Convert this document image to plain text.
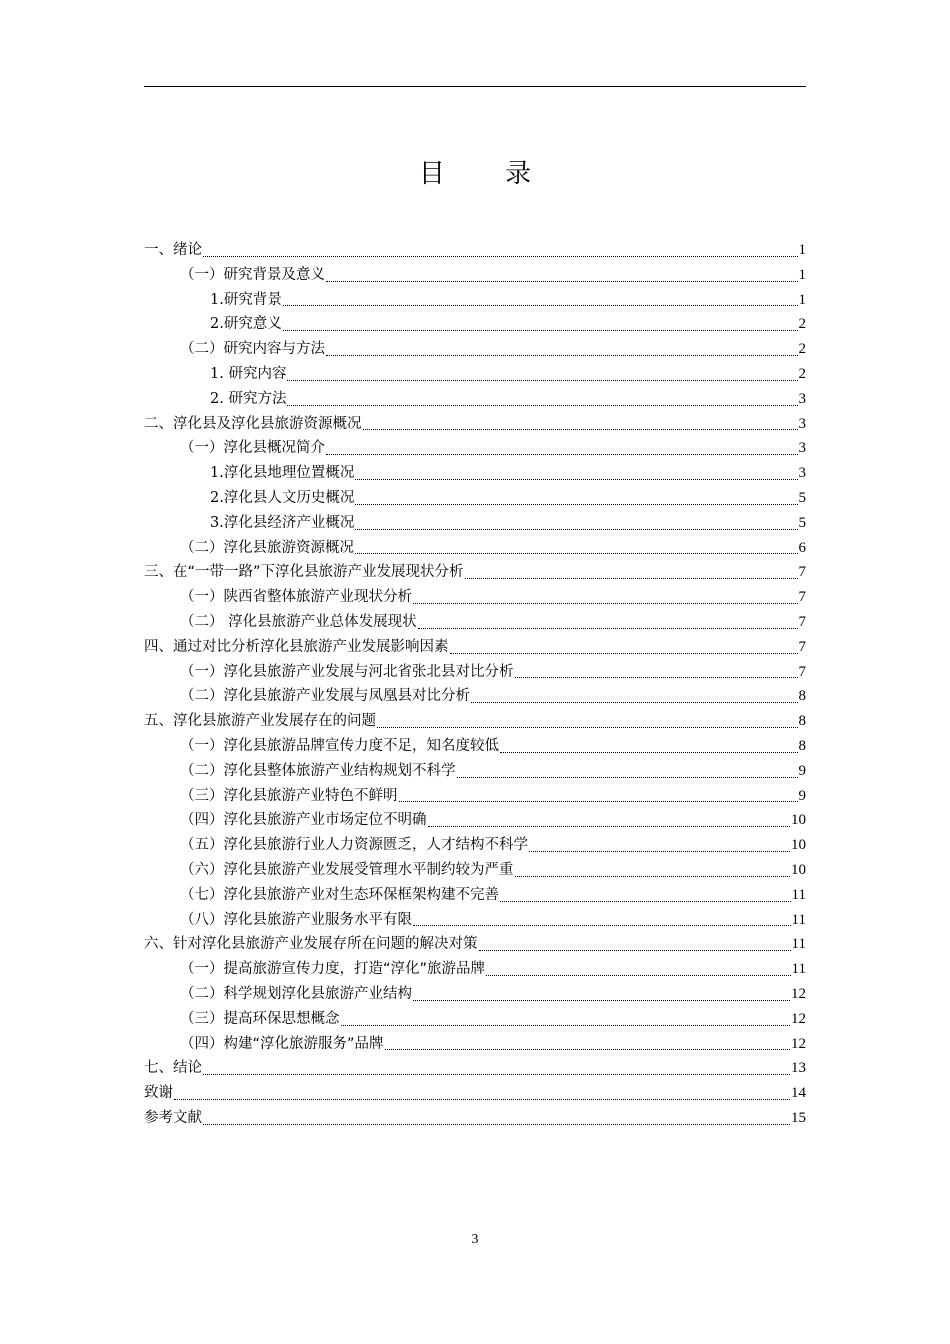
目 录
一、绪论	1
（一）研究背景及意义	1
1.研究背景	1
2.研究意义	2
（二）研究内容与方法	2
1. 研究内容	2
2. 研究方法	3
二、淳化县及淳化县旅游资源概况	3
（一）淳化县概况简介	3
1.淳化县地理位置概况	3
2.淳化县人文历史概况	5
3.淳化县经济产业概况	5
（二）淳化县旅游资源概况	6
三、在“一带一路”下淳化县旅游产业发展现状分析	7
（一）陕西省整体旅游产业现状分析	7
（二） 淳化县旅游产业总体发展现状	7
四、通过对比分析淳化县旅游产业发展影响因素	7
（一）淳化县旅游产业发展与河北省张北县对比分析	7
（二）淳化县旅游产业发展与凤凰县对比分析	8
五、淳化县旅游产业发展存在的问题	8
（一）淳化县旅游品牌宣传力度不足，知名度较低	8
（二）淳化县整体旅游产业结构规划不科学	9
（三）淳化县旅游产业特色不鲜明	9
（四）淳化县旅游产业市场定位不明确	10
（五）淳化县旅游行业人力资源匮乏，人才结构不科学	10
（六）淳化县旅游产业发展受管理水平制约较为严重	10
（七）淳化县旅游产业对生态环保框架构建不完善	11
（八）淳化县旅游产业服务水平有限	11
六、针对淳化县旅游产业发展存所在问题的解决对策	11
（一）提高旅游宣传力度，打造“淳化”旅游品牌	11
（二）科学规划淳化县旅游产业结构	12
（三）提高环保思想概念	12
（四）构建“淳化旅游服务”品牌	12
七、结论	13
致谢	14
参考文献	15
3
